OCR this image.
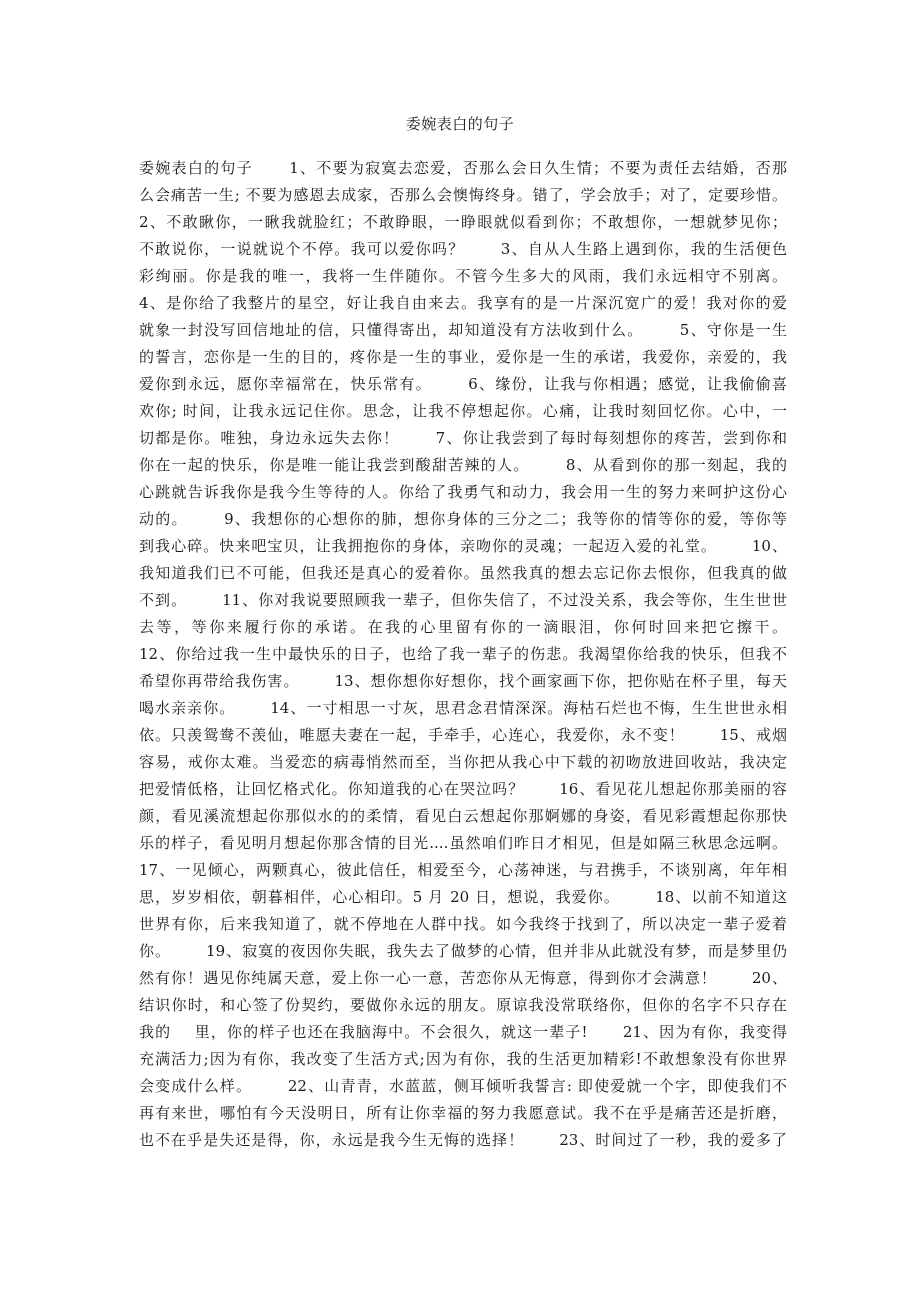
委婉表白的句子
委婉表白的句子      1、不要为寂寞去恋爱，否那么会日久生情；不要为责任去结婚，否那
么会痛苦一生; 不要为感恩去成家，否那么会懊悔终身。错了，学会放手；对了，定要珍惜。
2、不敢瞅你，一瞅我就脸红；不敢睁眼，一睁眼就似看到你；不敢想你，一想就梦见你；
不敢说你，一说就说个不停。我可以爱你吗？      3、自从人生路上遇到你，我的生活便色
彩绚丽。你是我的唯一，我将一生伴随你。不管今生多大的风雨，我们永远相守不别离。
4、是你给了我整片的星空，好让我自由来去。我享有的是一片深沉宽广的爱！我对你的爱
就象一封没写回信地址的信，只懂得寄出，却知道没有方法收到什么。      5、守你是一生
的誓言，恋你是一生的目的，疼你是一生的事业，爱你是一生的承诺，我爱你，亲爱的，我
爱你到永远，愿你幸福常在，快乐常有。      6、缘份，让我与你相遇；感觉，让我偷偷喜
欢你; 时间，让我永远记住你。思念，让我不停想起你。心痛，让我时刻回忆你。心中，一
切都是你。唯独，身边永远失去你！      7、你让我尝到了每时每刻想你的疼苦，尝到你和
你在一起的快乐，你是唯一能让我尝到酸甜苦辣的人。      8、从看到你的那一刻起，我的
心跳就告诉我你是我今生等待的人。你给了我勇气和动力，我会用一生的努力来呵护这份心
动的。      9、我想你的心想你的肺，想你身体的三分之二；我等你的情等你的爱，等你等
到我心碎。快来吧宝贝，让我拥抱你的身体，亲吻你的灵魂；一起迈入爱的礼堂。      10、
我知道我们已不可能，但我还是真心的爱着你。虽然我真的想去忘记你去恨你，但我真的做
不到。      11、你对我说要照顾我一辈子，但你失信了，不过没关系，我会等你，生生世世
去等，等你来履行你的承诺。在我的心里留有你的一滴眼泪，你何时回来把它擦干。
12、你给过我一生中最快乐的日子，也给了我一辈子的伤悲。我渴望你给我的快乐，但我不
希望你再带给我伤害。      13、想你想你好想你，找个画家画下你，把你贴在杯子里，每天
喝水亲亲你。      14、一寸相思一寸灰，思君念君情深深。海枯石烂也不悔，生生世世永相
依。只羡鸳鸯不羡仙，唯愿夫妻在一起，手牵手，心连心，我爱你，永不变！      15、戒烟
容易，戒你太难。当爱恋的病毒悄然而至，当你把从我心中下载的初吻放进回收站，我决定
把爱情低格，让回忆格式化。你知道我的心在哭泣吗？      16、看见花儿想起你那美丽的容
颜，看见溪流想起你那似水的的柔情，看见白云想起你那婀娜的身姿，看见彩霞想起你那快
乐的样子，看见明月想起你那含情的目光....虽然咱们昨日才相见，但是如隔三秋思念远啊。
17、一见倾心，两颗真心，彼此信任，相爱至今，心荡神迷，与君携手，不谈别离，年年相
思，岁岁相依，朝暮相伴，心心相印。5 月 20 日，想说，我爱你。      18、以前不知道这
世界有你，后来我知道了，就不停地在人群中找。如今我终于找到了，所以决定一辈子爱着
你。      19、寂寞的夜因你失眠，我失去了做梦的心情，但并非从此就没有梦，而是梦里仍
然有你！遇见你纯属天意，爱上你一心一意，苦恋你从无悔意，得到你才会满意！      20、
结识你时，和心签了份契约，要做你永远的朋友。原谅我没常联络你，但你的名字不只存在
我的    里，你的样子也还在我脑海中。不会很久，就这一辈子!      21、因为有你，我变得
充满活力;因为有你，我改变了生活方式;因为有你，我的生活更加精彩!不敢想象没有你世界
会变成什么样。      22、山青青，水蓝蓝，侧耳倾听我誓言: 即使爱就一个字，即使我们不
再有来世，哪怕有今天没明日，所有让你幸福的努力我愿意试。我不在乎是痛苦还是折磨，
也不在乎是失还是得，你，永远是我今生无悔的选择！      23、时间过了一秒，我的爱多了
